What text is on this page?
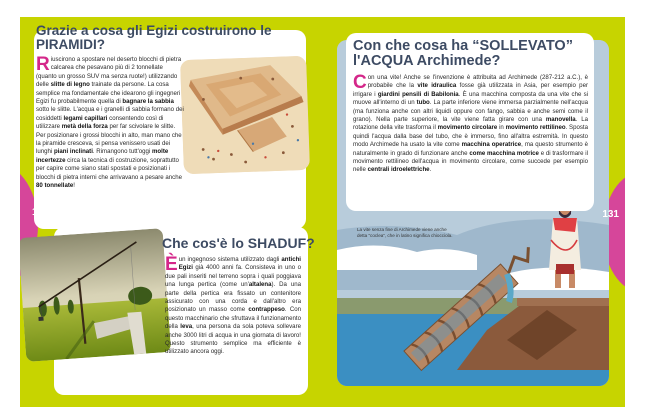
Grazie a cosa gli Egizi costruirono le PIRAMIDI?
R iuscirono a spostare nel deserto blocchi di pietra calcarea che pesavano più di 2 tonnellate (quanto un grosso SUV ma senza ruote!) utilizzando delle slitte di legno trainate da persone. La cosa semplice ma fondamentale che idearono gli ingegneri Egizi fu probabilmente quella di bagnare la sabbia sotto le slitte. L'acqua e i granelli di sabbia formano dei cosiddetti legami capillari consentendo così di utilizzare metà della forza per far scivolare le slitte. Per posizionare i grossi blocchi in alto, man mano che la piramide cresceva, si pensa venissero usati dei lunghi piani inclinati. Rimangono tutt'oggi molte incertezze circa la tecnica di costruzione, soprattutto per capire come siano stati spostati e posizionati i blocchi di pietra interni che arrivavano a pesare anche 80 tonnellate!
130
Che cos'è lo SHADUF?
È un ingegnoso sistema utilizzato dagli antichi Egizi già 4000 anni fa. Consisteva in uno o due pali inseriti nel terreno sopra i quali poggiava una lunga pertica (come un'altalena). Da una parte della pertica era fissato un contenitore assicurato con una corda e dall'altro era posizionato un masso come contrappeso. Con questo macchinario che sfruttava il funzionamento della leva, una persona da sola poteva sollevare anche 3000 litri di acqua in una giornata di lavoro! Questo strumento semplice ma efficiente è utilizzato ancora oggi.
Con che cosa ha “SOLLEVATO” l'ACQUA Archimede?
C on una vite! Anche se l'invenzione è attribuita ad Archimede (287-212 a.C.), è probabile che la vite idraulica fosse già utilizzata in Asia, per esempio per irrigare i giardini pensili di Babilonia. È una macchina composta da una vite che si muove all'interno di un tubo. La parte inferiore viene immersa parzialmente nell'acqua (ma funziona anche con altri liquidi oppure con fango, sabbia e anche semi come il grano). Nella parte superiore, la vite viene fatta girare con una manovella. La rotazione della vite trasforma il movimento circolare in movimento rettilineo. Sposta quindi l'acqua dalla base del tubo, che è immerso, fino all'altra estremità. In questo modo Archimede ha usato la vite come macchina operatrice, ma questo strumento è naturalmente in grado di funzionare anche come macchina motrice e di trasformare il movimento rettilineo dell'acqua in movimento circolare, come succede per esempio nelle centrali idroelettriche.
La vite senza fine di Archimede viene anche detta “coclea”, che in latino significa chiocciola.
131
